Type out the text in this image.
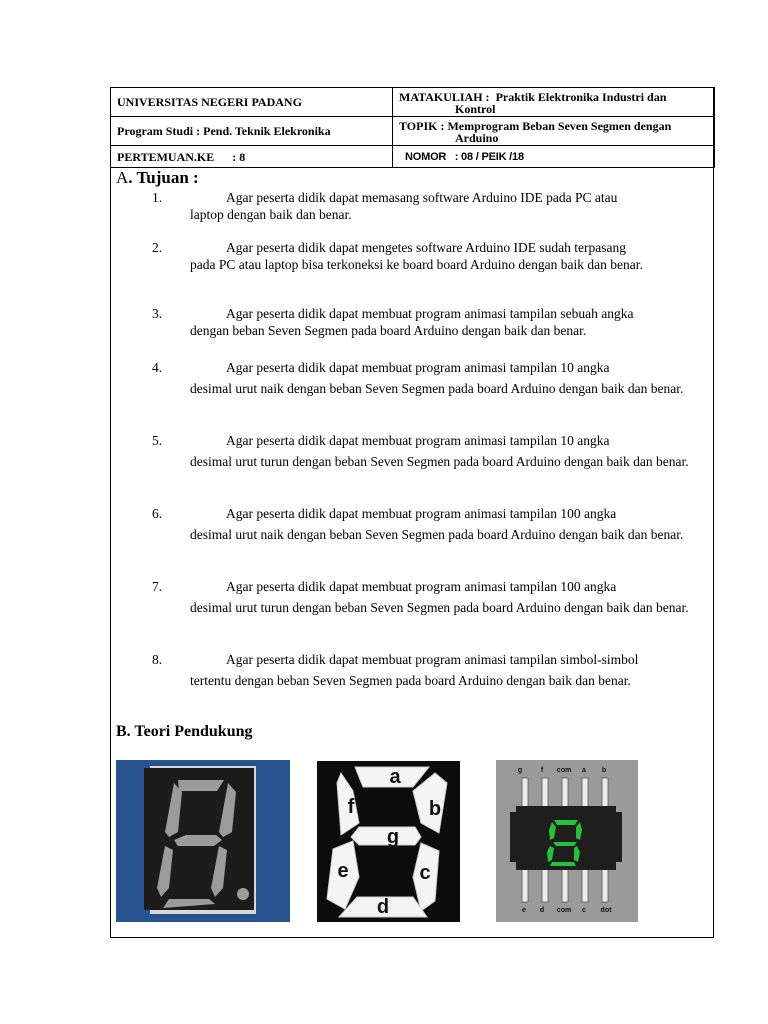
UNIVERSITAS NEGERI PADANG	MATAKULIAH : Praktik Elektronika Industri dan
Kontrol

Program Studi : Pend. Teknik Elekronika	TOPIK : Memprogram Beban Seven Segmen dengan
Arduino

PERTEMUAN.KE      : 8	NOMOR   : 08 / PEIK /18
A. Tujuan :
1.	Agar peserta didik dapat memasang software Arduino IDE pada PC atau
laptop dengan baik dan benar.
2.	Agar peserta didik dapat mengetes software Arduino IDE sudah terpasang
pada PC atau laptop bisa terkoneksi ke board board Arduino dengan baik dan benar.
3.	Agar peserta didik dapat membuat program animasi tampilan sebuah angka
dengan beban Seven Segmen pada board Arduino dengan baik dan benar.
4.	Agar peserta didik dapat membuat program animasi tampilan 10 angka
desimal urut naik dengan beban Seven Segmen pada board Arduino dengan baik dan benar.
5.	Agar peserta didik dapat membuat program animasi tampilan 10 angka
desimal urut turun dengan beban Seven Segmen pada board Arduino dengan baik dan benar.
6.	Agar peserta didik dapat membuat program animasi tampilan 100 angka
desimal urut naik dengan beban Seven Segmen pada board Arduino dengan baik dan benar.
7.	Agar peserta didik dapat membuat program animasi tampilan 100 angka
desimal urut turun dengan beban Seven Segmen pada board Arduino dengan baik dan benar.
8.	Agar peserta didik dapat membuat program animasi tampilan simbol-simbol
tertentu dengan beban Seven Segmen pada board Arduino dengan baik dan benar.
B. Teori Pendukung
a
b
c
d
e
f
g
g	f com a b
e d com c dot
